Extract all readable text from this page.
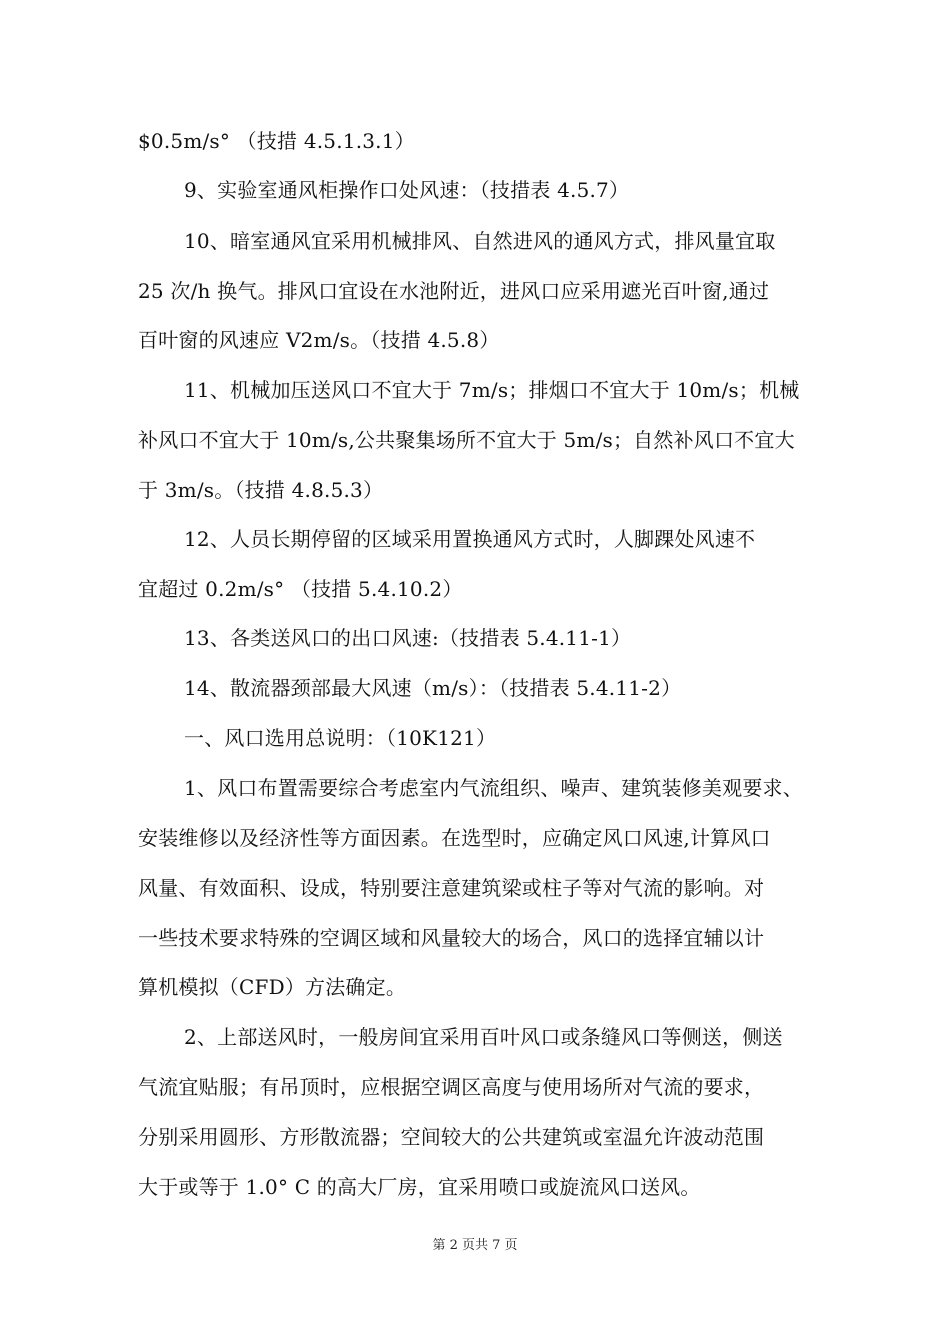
$0.5m/s° （技措 4.5.1.3.1）
9、实验室通风柜操作口处风速：（技措表 4.5.7）
10、暗室通风宜采用机械排风、自然进风的通风方式，排风量宜取
25 次/h 换气。排风口宜设在水池附近，进风口应采用遮光百叶窗,通过
百叶窗的风速应 V2m/s。（技措 4.5.8）
11、机械加压送风口不宜大于 7m/s；排烟口不宜大于 10m/s；机械
补风口不宜大于 10m/s,公共聚集场所不宜大于 5m/s；自然补风口不宜大
于 3m/s。（技措 4.8.5.3）
12、人员长期停留的区域采用置换通风方式时，人脚踝处风速不
宜超过 0.2m/s° （技措 5.4.10.2）
13、各类送风口的出口风速:（技措表 5.4.11-1）
14、散流器颈部最大风速（m/s）：（技措表 5.4.11-2）
一、风口选用总说明：（10K121）
1、风口布置需要综合考虑室内气流组织、噪声、建筑装修美观要求、
安装维修以及经济性等方面因素。在选型时，应确定风口风速,计算风口
风量、有效面积、设成，特别要注意建筑梁或柱子等对气流的影响。对
一些技术要求特殊的空调区域和风量较大的场合，风口的选择宜辅以计
算机模拟（CFD）方法确定。
2、上部送风时，一般房间宜采用百叶风口或条缝风口等侧送，侧送
气流宜贴服；有吊顶时，应根据空调区高度与使用场所对气流的要求，
分别采用圆形、方形散流器；空间较大的公共建筑或室温允许波动范围
大于或等于 1.0° C 的高大厂房，宜采用喷口或旋流风口送风。
第 2 页共 7 页
